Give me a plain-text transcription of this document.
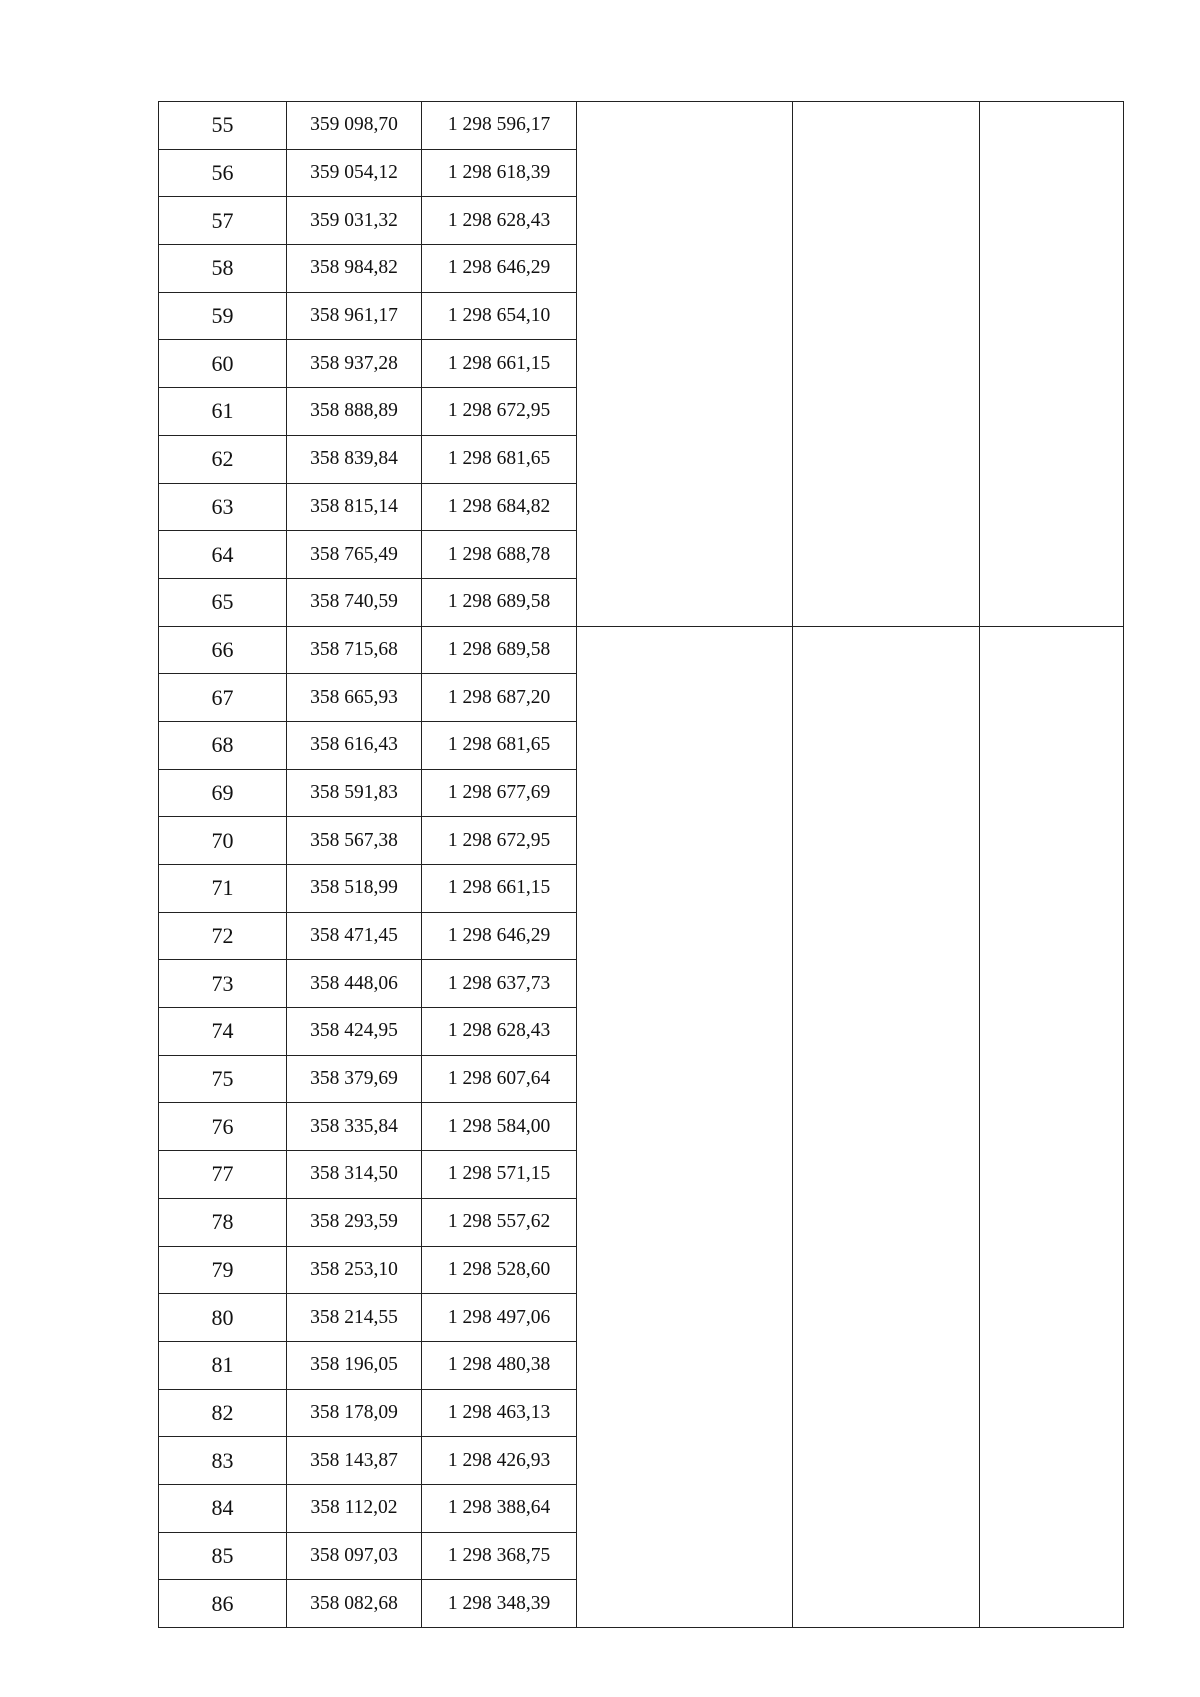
55	359 098,70	1 298 596,17			
56	359 054,12	1 298 618,39			
57	359 031,32	1 298 628,43			
58	358 984,82	1 298 646,29			
59	358 961,17	1 298 654,10			
60	358 937,28	1 298 661,15			
61	358 888,89	1 298 672,95			
62	358 839,84	1 298 681,65			
63	358 815,14	1 298 684,82			
64	358 765,49	1 298 688,78			
65	358 740,59	1 298 689,58			
66	358 715,68	1 298 689,58			
67	358 665,93	1 298 687,20			
68	358 616,43	1 298 681,65			
69	358 591,83	1 298 677,69			
70	358 567,38	1 298 672,95			
71	358 518,99	1 298 661,15			
72	358 471,45	1 298 646,29			
73	358 448,06	1 298 637,73			
74	358 424,95	1 298 628,43			
75	358 379,69	1 298 607,64			
76	358 335,84	1 298 584,00			
77	358 314,50	1 298 571,15			
78	358 293,59	1 298 557,62			
79	358 253,10	1 298 528,60			
80	358 214,55	1 298 497,06			
81	358 196,05	1 298 480,38			
82	358 178,09	1 298 463,13			
83	358 143,87	1 298 426,93			
84	358 112,02	1 298 388,64			
85	358 097,03	1 298 368,75			
86	358 082,68	1 298 348,39			
